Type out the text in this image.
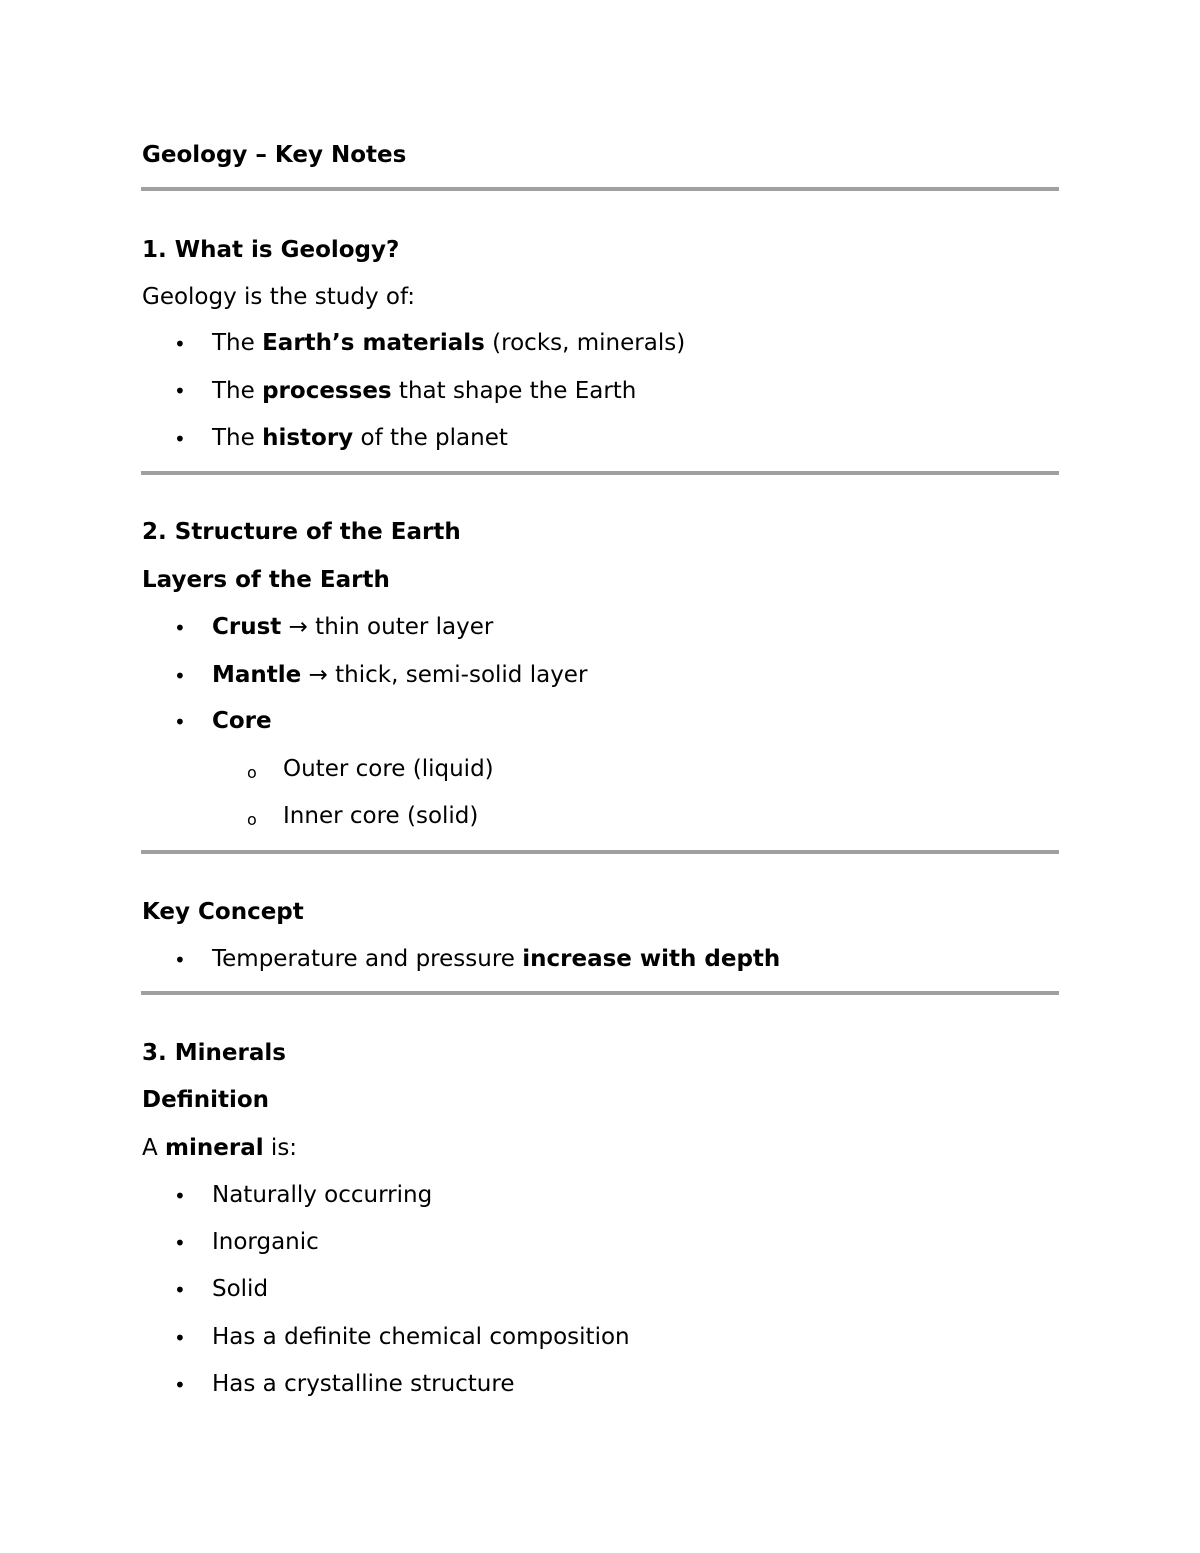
Geology – Key Notes
1. What is Geology?
Geology is the study of:
• The Earth’s materials (rocks, minerals)
• The processes that shape the Earth
• The history of the planet
2. Structure of the Earth
Layers of the Earth
• Crust → thin outer layer
• Mantle → thick, semi-solid layer
• Core
o Outer core (liquid)
o Inner core (solid)
Key Concept
• Temperature and pressure increase with depth
3. Minerals
Definition
A mineral is:
• Naturally occurring
• Inorganic
• Solid
• Has a definite chemical composition
• Has a crystalline structure
